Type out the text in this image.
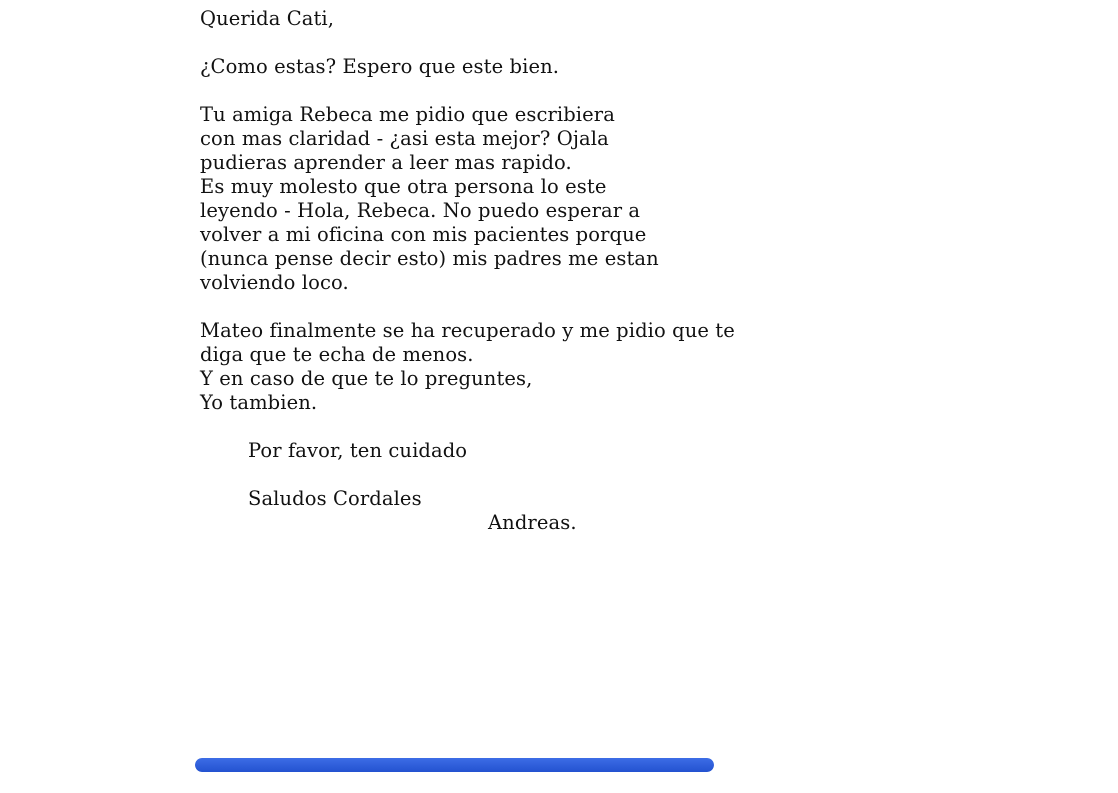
Querida Cati,
¿Como estas? Espero que este bien.
Tu amiga Rebeca me pidio que escribiera
con mas claridad - ¿asi esta mejor? Ojala
pudieras aprender a leer mas rapido.
Es muy molesto que otra persona lo este
leyendo - Hola, Rebeca. No puedo esperar a
volver a mi oficina con mis pacientes porque
(nunca pense decir esto) mis padres me estan
volviendo loco.
Mateo finalmente se ha recuperado y me pidio que te
diga que te echa de menos.
Y en caso de que te lo preguntes,
Yo tambien.
Por favor, ten cuidado
Saludos Cordales
Andreas.
